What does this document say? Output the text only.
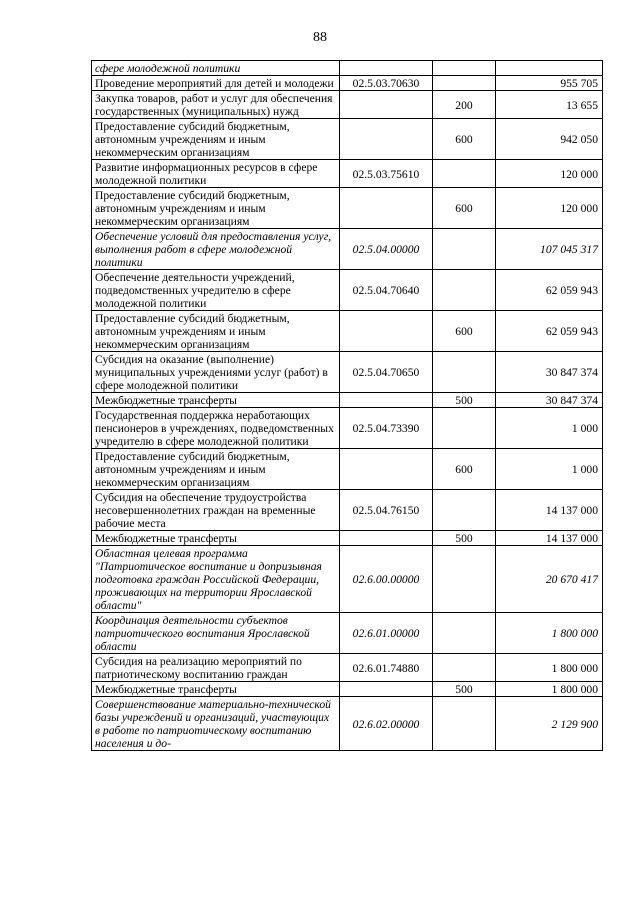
88
сфере молодежной политики			
Проведение мероприятий для детей и молодежи	02.5.03.70630		955 705
Закупка товаров, работ и услуг для обеспечения государственных (муниципальных) нужд		200	13 655
Предоставление субсидий бюджетным, автономным учреждениям и иным некоммерческим организациям		600	942 050
Развитие информационных ресурсов в сфере молодежной политики	02.5.03.75610		120 000
Предоставление субсидий бюджетным, автономным учреждениям и иным некоммерческим организациям		600	120 000
Обеспечение условий для предоставления услуг, выполнения работ в сфере молодежной политики	02.5.04.00000		107 045 317
Обеспечение деятельности учреждений, подведомственных учредителю в сфере молодежной политики	02.5.04.70640		62 059 943
Предоставление субсидий бюджетным, автономным учреждениям и иным некоммерческим организациям		600	62 059 943
Субсидия на оказание (выполнение) муниципальных учреждениями услуг (работ) в сфере молодежной политики	02.5.04.70650		30 847 374
Межбюджетные трансферты		500	30 847 374
Государственная поддержка неработающих пенсионеров в учреждениях, подведомственных учредителю в сфере молодежной политики	02.5.04.73390		1 000
Предоставление субсидий бюджетным, автономным учреждениям и иным некоммерческим организациям		600	1 000
Субсидия на обеспечение трудоустройства несовершеннолетних граждан на временные рабочие места	02.5.04.76150		14 137 000
Межбюджетные трансферты		500	14 137 000
Областная целевая программа "Патриотическое воспитание и допризывная подготовка граждан Российской Федерации, проживающих на территории Ярославской области"	02.6.00.00000		20 670 417
Координация деятельности субъектов патриотического воспитания Ярославской области	02.6.01.00000		1 800 000
Субсидия на реализацию мероприятий по патриотическому воспитанию граждан	02.6.01.74880		1 800 000
Межбюджетные трансферты		500	1 800 000
Совершенствование материально-технической базы учреждений и организаций, участвующих в работе по патриотическому воспитанию населения и до-	02.6.02.00000		2 129 900
